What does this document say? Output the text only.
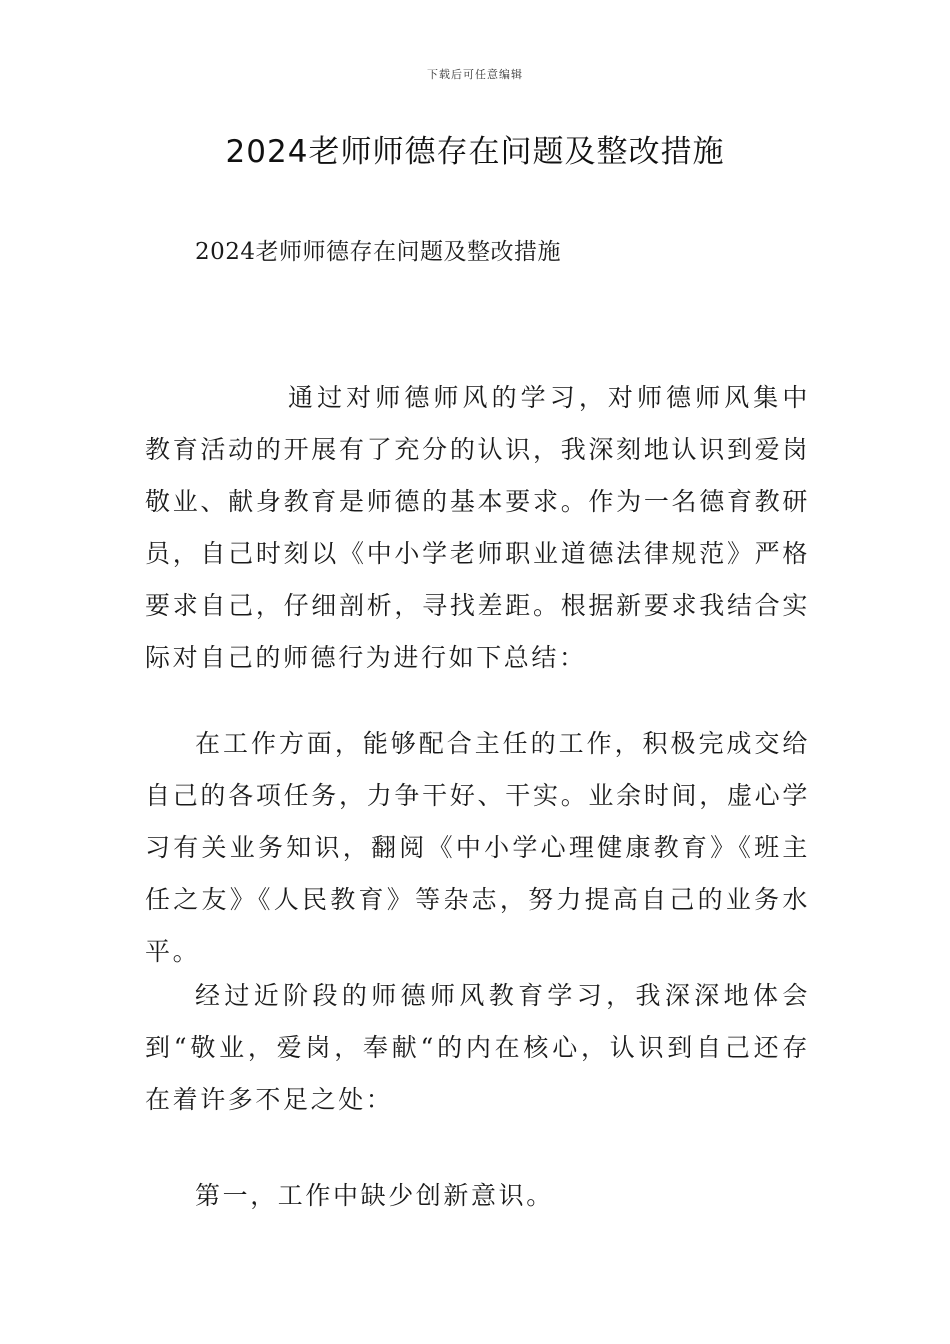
下载后可任意编辑
2024老师师德存在问题及整改措施
2024老师师德存在问题及整改措施

通过对师德师风的学习，对师德师风集中教育活动的开展有了充分的认识，我深刻地认识到爱岗敬业、献身教育是师德的基本要求。作为一名德育教研员，自己时刻以《中小学老师职业道德法律规范》严格要求自己，仔细剖析，寻找差距。根据新要求我结合实际对自己的师德行为进行如下总结：

在工作方面，能够配合主任的工作，积极完成交给自己的各项任务，力争干好、干实。业余时间，虚心学习有关业务知识，翻阅《中小学心理健康教育》《班主任之友》《人民教育》等杂志，努力提高自己的业务水平。

经过近阶段的师德师风教育学习，我深深地体会到“敬业，爱岗，奉献“的内在核心，认识到自己还存在着许多不足之处：

第一，工作中缺少创新意识。
